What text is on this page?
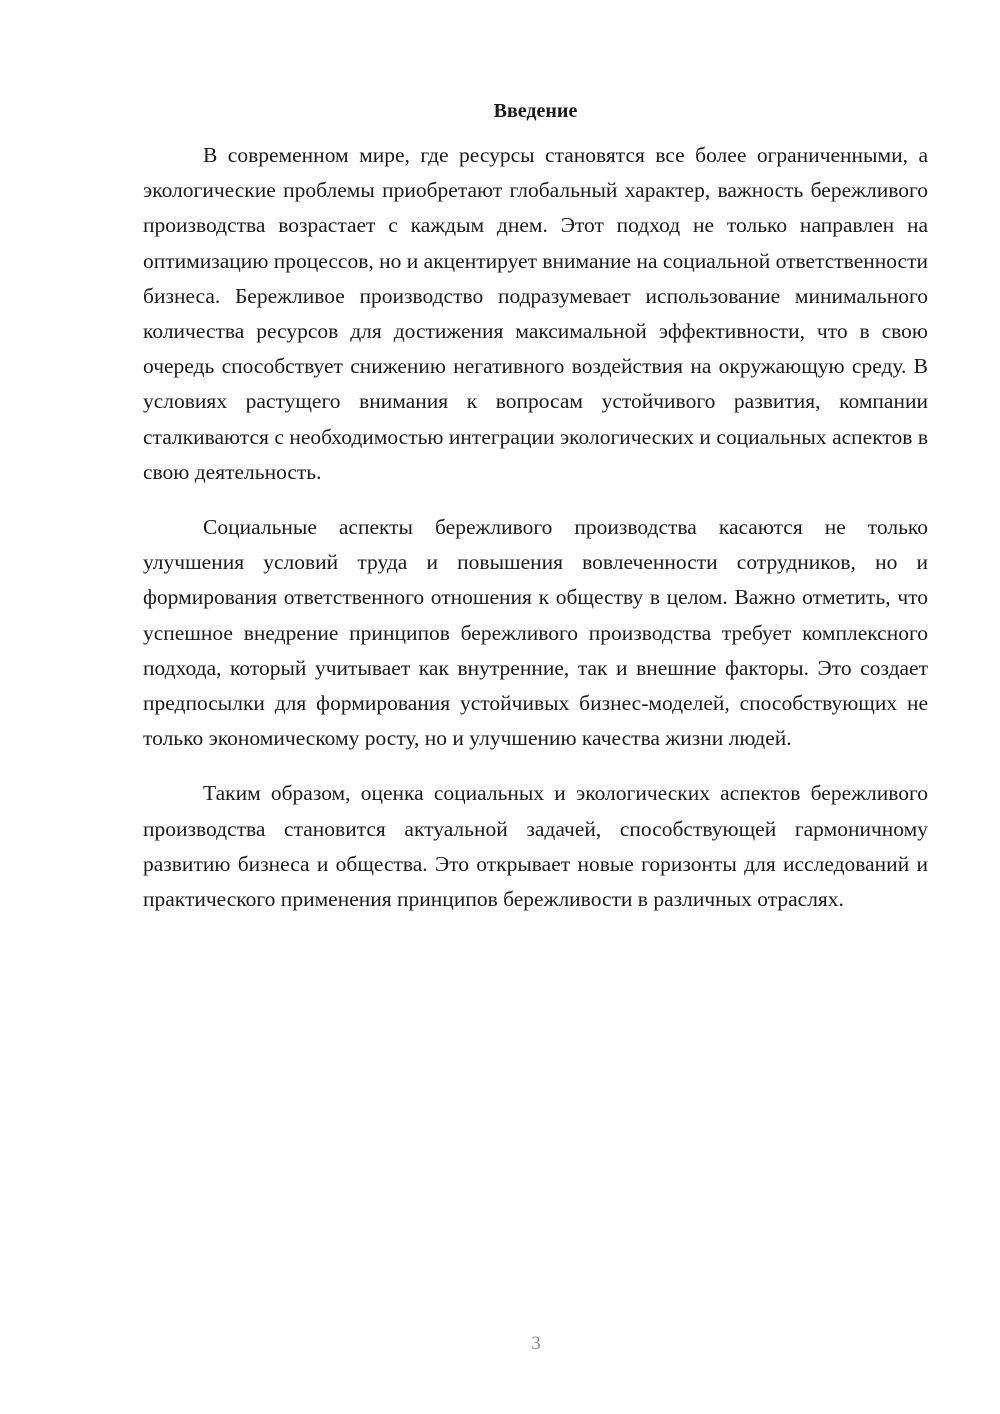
Введение

В современном мире, где ресурсы становятся все более ограниченными, а экологические проблемы приобретают глобальный характер, важность бережливого производства возрастает с каждым днем. Этот подход не только направлен на оптимизацию процессов, но и акцентирует внимание на социальной ответственности бизнеса. Бережливое производство подразумевает использование минимального количества ресурсов для достижения максимальной эффективности, что в свою очередь способствует снижению негативного воздействия на окружающую среду. В условиях растущего внимания к вопросам устойчивого развития, компании сталкиваются с необходимостью интеграции экологических и социальных аспектов в свою деятельность.

Социальные аспекты бережливого производства касаются не только улучшения условий труда и повышения вовлеченности сотрудников, но и формирования ответственного отношения к обществу в целом. Важно отметить, что успешное внедрение принципов бережливого производства требует комплексного подхода, который учитывает как внутренние, так и внешние факторы. Это создает предпосылки для формирования устойчивых бизнес-моделей, способствующих не только экономическому росту, но и улучшению качества жизни людей.

Таким образом, оценка социальных и экологических аспектов бережливого производства становится актуальной задачей, способствующей гармоничному развитию бизнеса и общества. Это открывает новые горизонты для исследований и практического применения принципов бережливости в различных отраслях.

3
